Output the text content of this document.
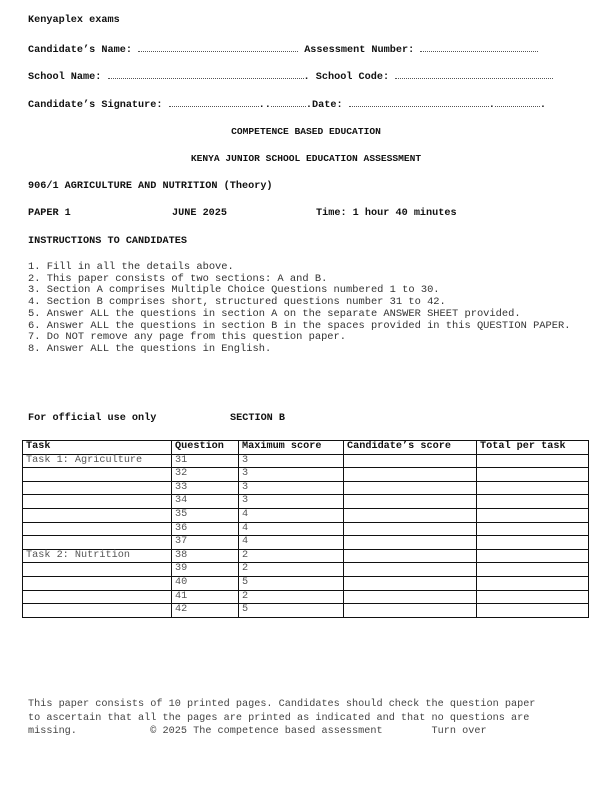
Kenyaplex exams
Candidate’s Name:	Assessment Number:
School Name:	. School Code:
Candidate’s Signature:	..	.Date:	.	.
COMPETENCE BASED EDUCATION
KENYA JUNIOR SCHOOL EDUCATION ASSESSMENT
906/1 AGRICULTURE AND NUTRITION (Theory)
PAPER 1	JUNE 2025	Time: 1 hour 40 minutes
INSTRUCTIONS TO CANDIDATES
1. Fill in all the details above.
2. This paper consists of two sections: A and B.
3. Section A comprises Multiple Choice Questions numbered 1 to 30.
4. Section B comprises short, structured questions number 31 to 42.
5. Answer ALL the questions in section A on the separate ANSWER SHEET provided.
6. Answer ALL the questions in section B in the spaces provided in this QUESTION PAPER.
7. Do NOT remove any page from this question paper.
8. Answer ALL the questions in English.
For official use only	SECTION B
Task	Question	Maximum score	Candidate’s score	Total per task
Task 1: Agriculture	31	3		
	32	3		
	33	3		
	34	3		
	35	4		
	36	4		
	37	4		
Task 2: Nutrition	38	2		
	39	2		
	40	5		
	41	2		
	42	5		
This paper consists of 10 printed pages. Candidates should check the question paper
to ascertain that all the pages are printed as indicated and that no questions are
missing.	© 2025 The competence based assessment	Turn over
